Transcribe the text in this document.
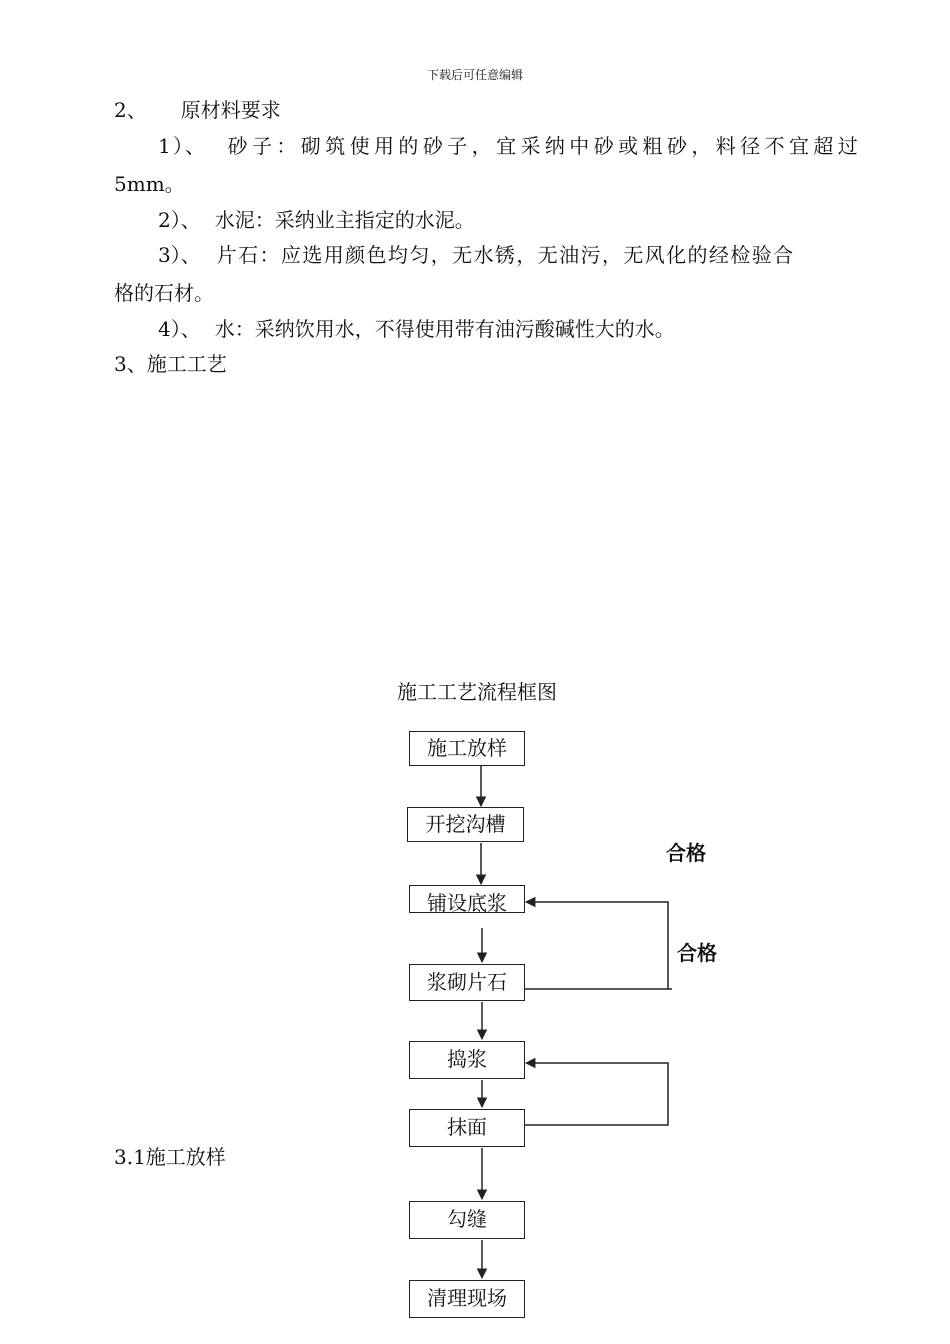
下载后可任意编辑
2、 原材料要求
1）、 砂子：砌筑使用的砂子，宜采纳中砂或粗砂，料径不宜超过
5mm。
2）、 水泥：采纳业主指定的水泥。
3）、 片石：应选用颜色均匀，无水锈，无油污，无风化的经检验合
格的石材。
4）、 水：采纳饮用水，不得使用带有油污酸碱性大的水。
3、施工工艺
施工工艺流程框图
施工放样
开挖沟槽
铺设底浆
浆砌片石
捣浆
抹面
勾缝
清理现场
合格
合格
3.1施工放样
